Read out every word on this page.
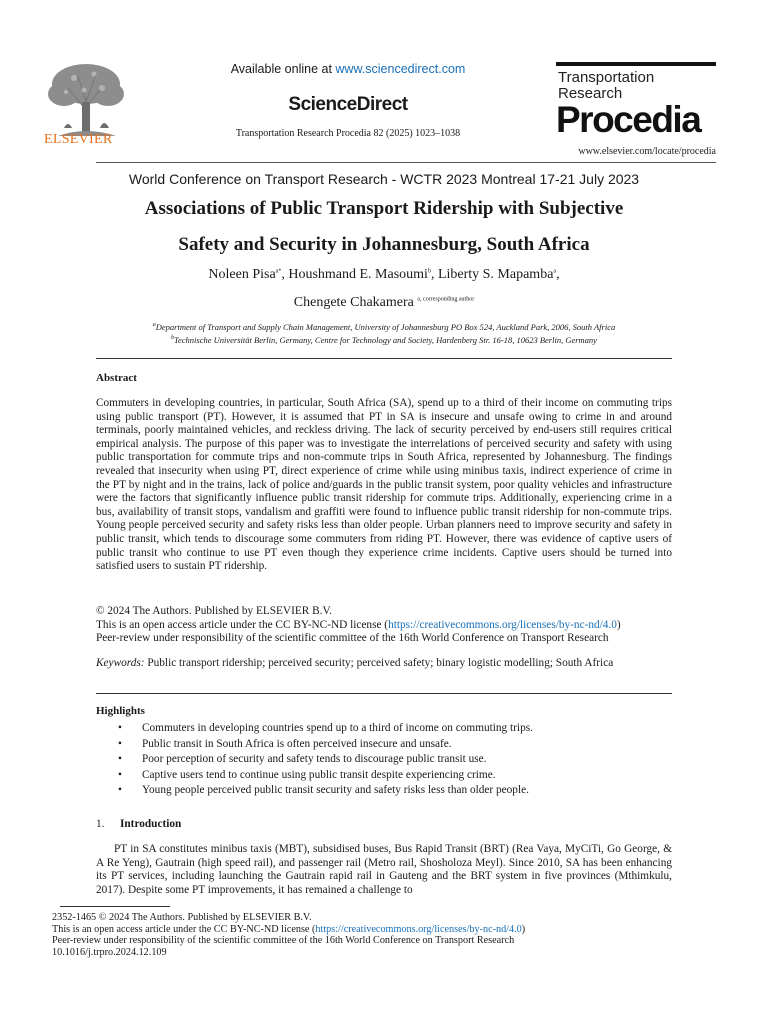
ELSEVIER
Available online at www.sciencedirect.com
ScienceDirect
Transportation Research Procedia 82 (2025) 1023–1038
Transportation
Research
Procedia
www.elsevier.com/locate/procedia
World Conference on Transport Research - WCTR 2023 Montreal 17-21 July 2023
Associations of Public Transport Ridership with Subjective
Safety and Security in Johannesburg, South Africa
Noleen Pisa$^{a*}$, Houshmand E. Masoumi$^b$, Liberty S. Mapamba$^a$,
Chengete Chakamera $^{a, corresponding author}$
$^a$Department of Transport and Supply Chain Management, University of Johannesburg PO Box 524, Auckland Park, 2006, South Africa
$^b$Technische Universität Berlin, Germany, Centre for Technology and Society, Hardenberg Str. 16-18, 10623 Berlin, Germany
Abstract
Commuters in developing countries, in particular, South Africa (SA), spend up to a third of their income on commuting trips using public transport (PT). However, it is assumed that PT in SA is insecure and unsafe owing to crime in and around terminals, poorly maintained vehicles, and reckless driving. The lack of security perceived by end-users still requires critical empirical analysis. The purpose of this paper was to investigate the interrelations of perceived security and safety with using public transportation for commute trips and non-commute trips in South Africa, represented by Johannesburg. The findings revealed that insecurity when using PT, direct experience of crime while using minibus taxis, indirect experience of crime in the PT by night and in the trains, lack of police and/guards in the public transit system, poor quality vehicles and infrastructure were the factors that significantly influence public transit ridership for commute trips. Additionally, experiencing crime in a bus, availability of transit stops, vandalism and graffiti were found to influence public transit ridership for non-commute trips. Young people perceived security and safety risks less than older people. Urban planners need to improve security and safety in public transit, which tends to discourage some commuters from riding PT. However, there was evidence of captive users of public transit who continue to use PT even though they experience crime incidents. Captive users should be turned into satisfied users to sustain PT ridership.
© 2024 The Authors. Published by ELSEVIER B.V.
This is an open access article under the CC BY-NC-ND license (https://creativecommons.org/licenses/by-nc-nd/4.0)
Peer-review under responsibility of the scientific committee of the 16th World Conference on Transport Research
Keywords: Public transport ridership; perceived security; perceived safety; binary logistic modelling; South Africa
Highlights
• Commuters in developing countries spend up to a third of income on commuting trips.
• Public transit in South Africa is often perceived insecure and unsafe.
• Poor perception of security and safety tends to discourage public transit use.
• Captive users tend to continue using public transit despite experiencing crime.
• Young people perceived public transit security and safety risks less than older people.
1. Introduction
PT in SA constitutes minibus taxis (MBT), subsidised buses, Bus Rapid Transit (BRT) (Rea Vaya, MyCiTi, Go George, & A Re Yeng), Gautrain (high speed rail), and passenger rail (Metro rail, Shosholoza Meyl). Since 2010, SA has been enhancing its PT services, including launching the Gautrain rapid rail in Gauteng and the BRT system in five provinces (Mthimkulu, 2017). Despite some PT improvements, it has remained a challenge to
2352-1465 © 2024 The Authors. Published by ELSEVIER B.V.
This is an open access article under the CC BY-NC-ND license (https://creativecommons.org/licenses/by-nc-nd/4.0)
Peer-review under responsibility of the scientific committee of the 16th World Conference on Transport Research
10.1016/j.trpro.2024.12.109
